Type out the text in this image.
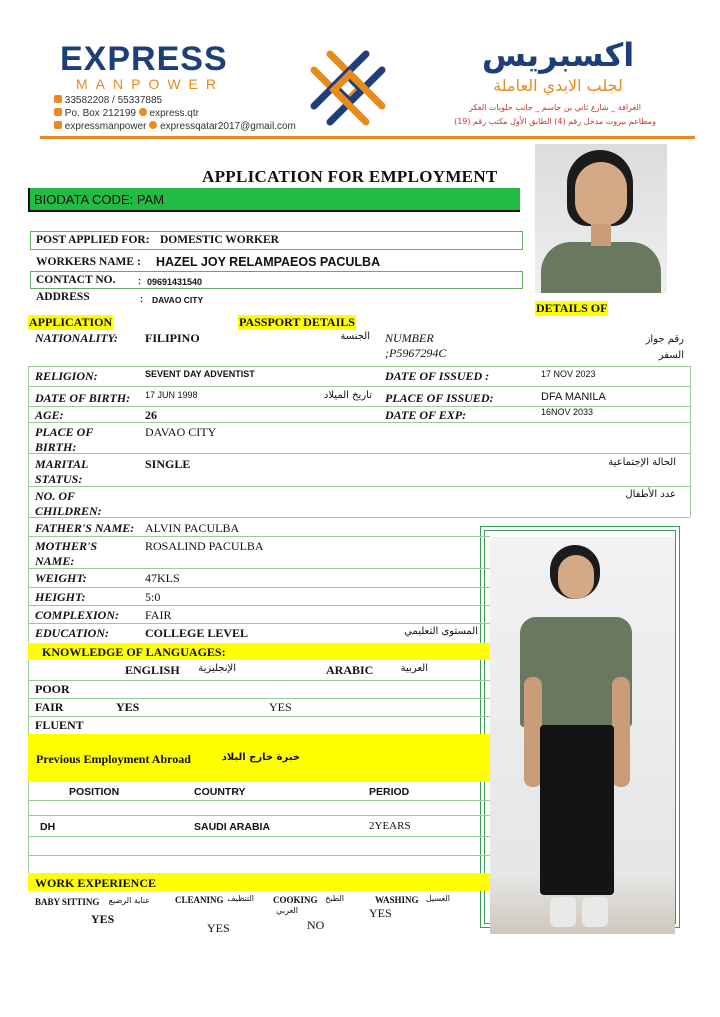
EXPRESS
MANPOWER
33582208 / 55337885
Po. Box 212199 express.qtr
expressmanpower expressqatar2017@gmail.com
اكسبريس
لجلب الايدي العاملة
الغرافة _ شارع ثاني بن جاسم _ جانب حلويات العكر
ومطاعم بيروت مدخل رقم (4) الطابق الأول مكتب رقم (19)
APPLICATION FOR EMPLOYMENT
BIODATA CODE: PAM
POST APPLIED FOR: DOMESTIC WORKER
WORKERS NAME : HAZEL JOY RELAMPAEOS PACULBA
CONTACT NO.	: 09691431540
ADDRESS	: DAVAO CITY
DETAILS OF
APPLICATION	PASSPORT DETAILS
NATIONALITY: FILIPINO	الجنسة NUMBER
;P5967294C
رقم جواز
السفر
RELIGION:	SEVENT DAY ADVENTIST	DATE OF ISSUED :	17 NOV 2023
DATE OF BIRTH: 17 JUN 1998	تاريخ الميلاد PLACE OF ISSUED:	DFA MANILA
AGE:	26	DATE OF EXP:	16NOV 2033
PLACE OF
BIRTH:
DAVAO CITY
MARITAL
STATUS:
SINGLE	الحالة الإجتماعية
NO. OF
CHILDREN:
عدد الأطفال
FATHER'S NAME: ALVIN PACULBA
MOTHER'S
NAME:
ROSALIND PACULBA
WEIGHT:	47KLS
HEIGHT:	5:0
COMPLEXION: FAIR
EDUCATION:	COLLEGE LEVEL	المستوى التعليمي
KNOWLEDGE OF LANGUAGES:
ENGLISH	الإنجليزية	ARABIC	العربية
POOR
FAIR	YES	YES
FLUENT
Previous Employment Abroad	خبرة خارج البلاد
POSITION	COUNTRY	PERIOD
DH	SAUDI ARABIA	2YEARS
WORK EXPERIENCE
BABY SITTING	عناية الرضيع
YES
CLEANING التنظيف
YES
COOKING الطبخ
العربي
NO
WASHING الغسيل
YES
